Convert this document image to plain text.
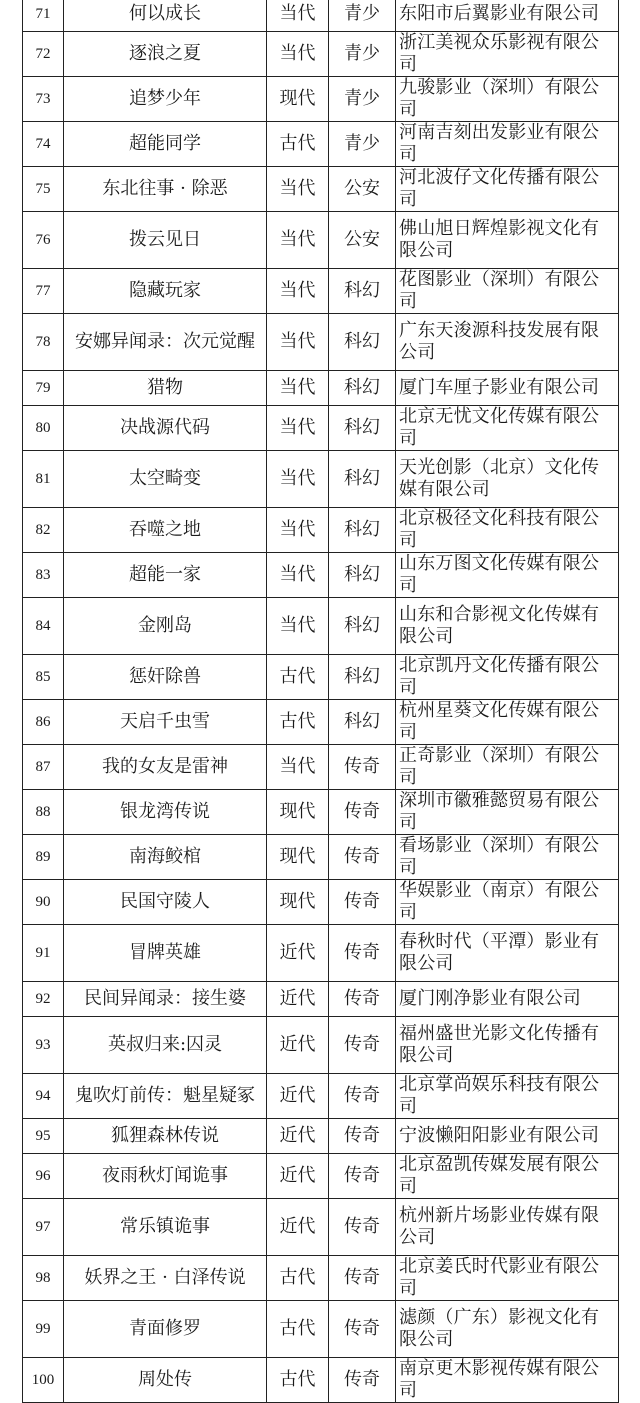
71	何以成长	当代	青少	东阳市后翼影业有限公司
72	逐浪之夏	当代	青少	浙江美视众乐影视有限公司
73	追梦少年	现代	青少	九骏影业（深圳）有限公司
74	超能同学	古代	青少	河南吉刻出发影业有限公司
75	东北往事 · 除恶	当代	公安	河北波仔文化传播有限公司
76	拨云见日	当代	公安	佛山旭日辉煌影视文化有限公司
77	隐藏玩家	当代	科幻	花图影业（深圳）有限公司
78	安娜异闻录：次元觉醒	当代	科幻	广东天浚源科技发展有限公司
79	猎物	当代	科幻	厦门车厘子影业有限公司
80	决战源代码	当代	科幻	北京无忧文化传媒有限公司
81	太空畸变	当代	科幻	天光创影（北京）文化传媒有限公司
82	吞噬之地	当代	科幻	北京极径文化科技有限公司
83	超能一家	当代	科幻	山东万图文化传媒有限公司
84	金刚岛	当代	科幻	山东和合影视文化传媒有限公司
85	惩奸除兽	古代	科幻	北京凯丹文化传播有限公司
86	天启千虫雪	古代	科幻	杭州星葵文化传媒有限公司
87	我的女友是雷神	当代	传奇	正奇影业（深圳）有限公司
88	银龙湾传说	现代	传奇	深圳市徽雅懿贸易有限公司
89	南海鲛棺	现代	传奇	看场影业（深圳）有限公司
90	民国守陵人	现代	传奇	华娱影业（南京）有限公司
91	冒牌英雄	近代	传奇	春秋时代（平潭）影业有限公司
92	民间异闻录：接生婆	近代	传奇	厦门刚净影业有限公司
93	英叔归来:囚灵	近代	传奇	福州盛世光影文化传播有限公司
94	鬼吹灯前传：魁星疑冢	近代	传奇	北京掌尚娱乐科技有限公司
95	狐狸森林传说	近代	传奇	宁波懒阳阳影业有限公司
96	夜雨秋灯闻诡事	近代	传奇	北京盈凯传媒发展有限公司
97	常乐镇诡事	近代	传奇	杭州新片场影业传媒有限公司
98	妖界之王 · 白泽传说	古代	传奇	北京姜氏时代影业有限公司
99	青面修罗	古代	传奇	滤颜（广东）影视文化有限公司
100	周处传	古代	传奇	南京更木影视传媒有限公司
